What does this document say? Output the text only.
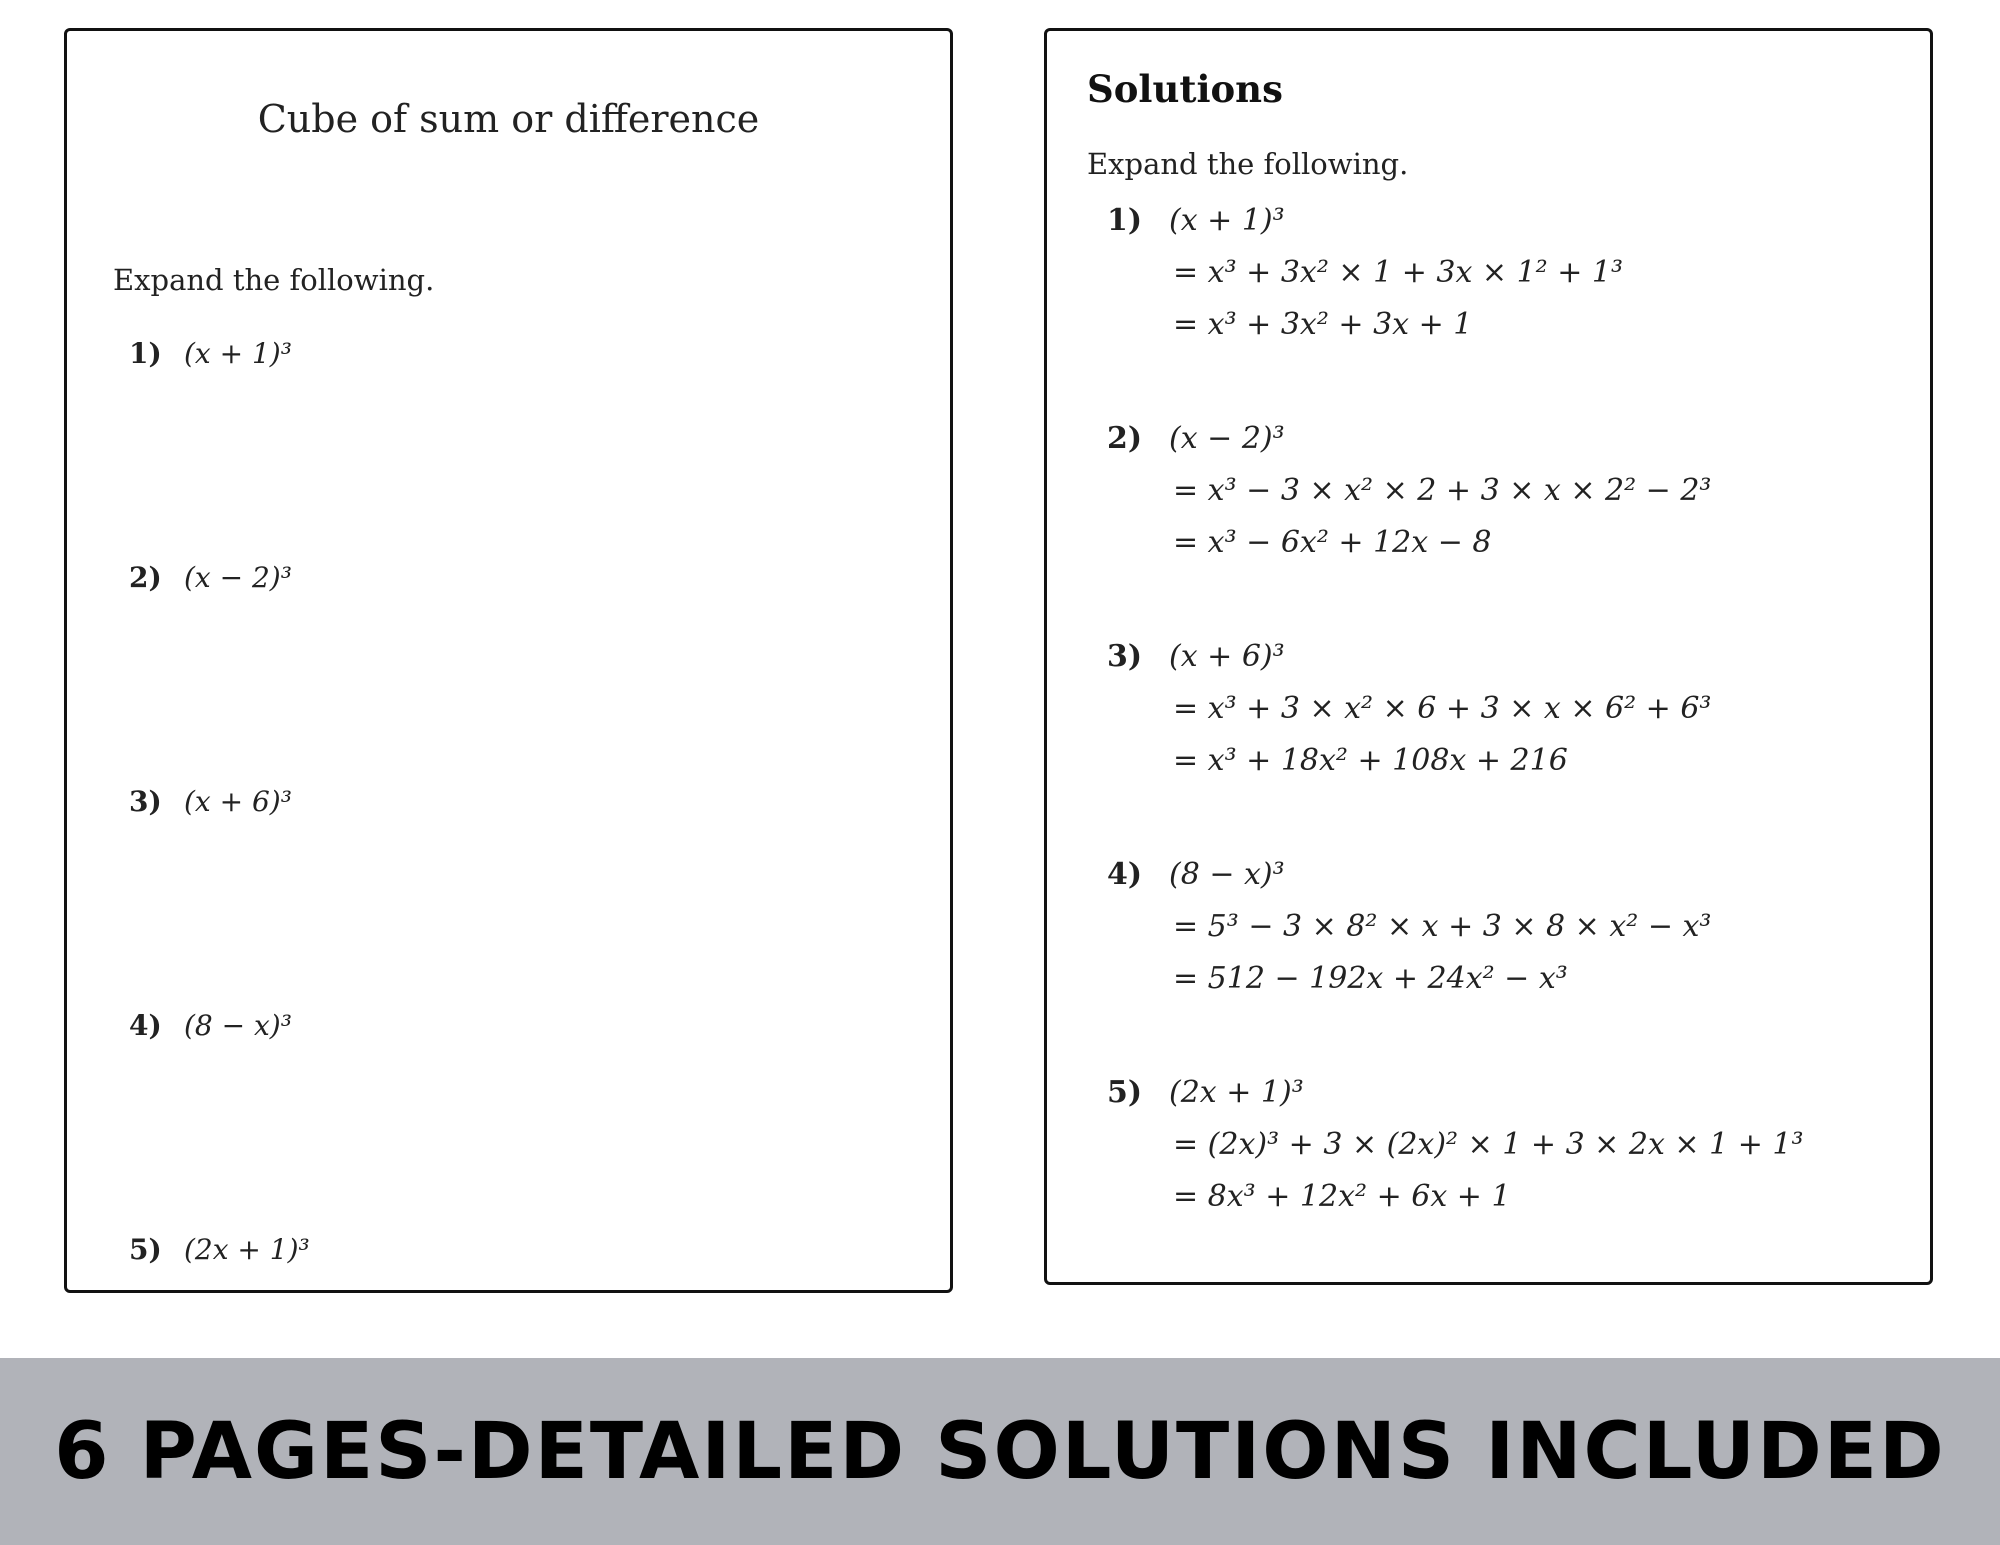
Cube of sum or difference
Expand the following.
1) (x + 1)³
2) (x − 2)³
3) (x + 6)³
4) (8 − x)³
5) (2x + 1)³
Solutions
Expand the following.
1) (x + 1)³
= x³ + 3x² × 1 + 3x × 1² + 1³
= x³ + 3x² + 3x + 1
2) (x − 2)³
= x³ − 3 × x² × 2 + 3 × x × 2² − 2³
= x³ − 6x² + 12x − 8
3) (x + 6)³
= x³ + 3 × x² × 6 + 3 × x × 6² + 6³
= x³ + 18x² + 108x + 216
4) (8 − x)³
= 5³ − 3 × 8² × x + 3 × 8 × x² − x³
= 512 − 192x + 24x² − x³
5) (2x + 1)³
= (2x)³ + 3 × (2x)² × 1 + 3 × 2x × 1 + 1³
= 8x³ + 12x² + 6x + 1
6 PAGES-DETAILED SOLUTIONS INCLUDED
